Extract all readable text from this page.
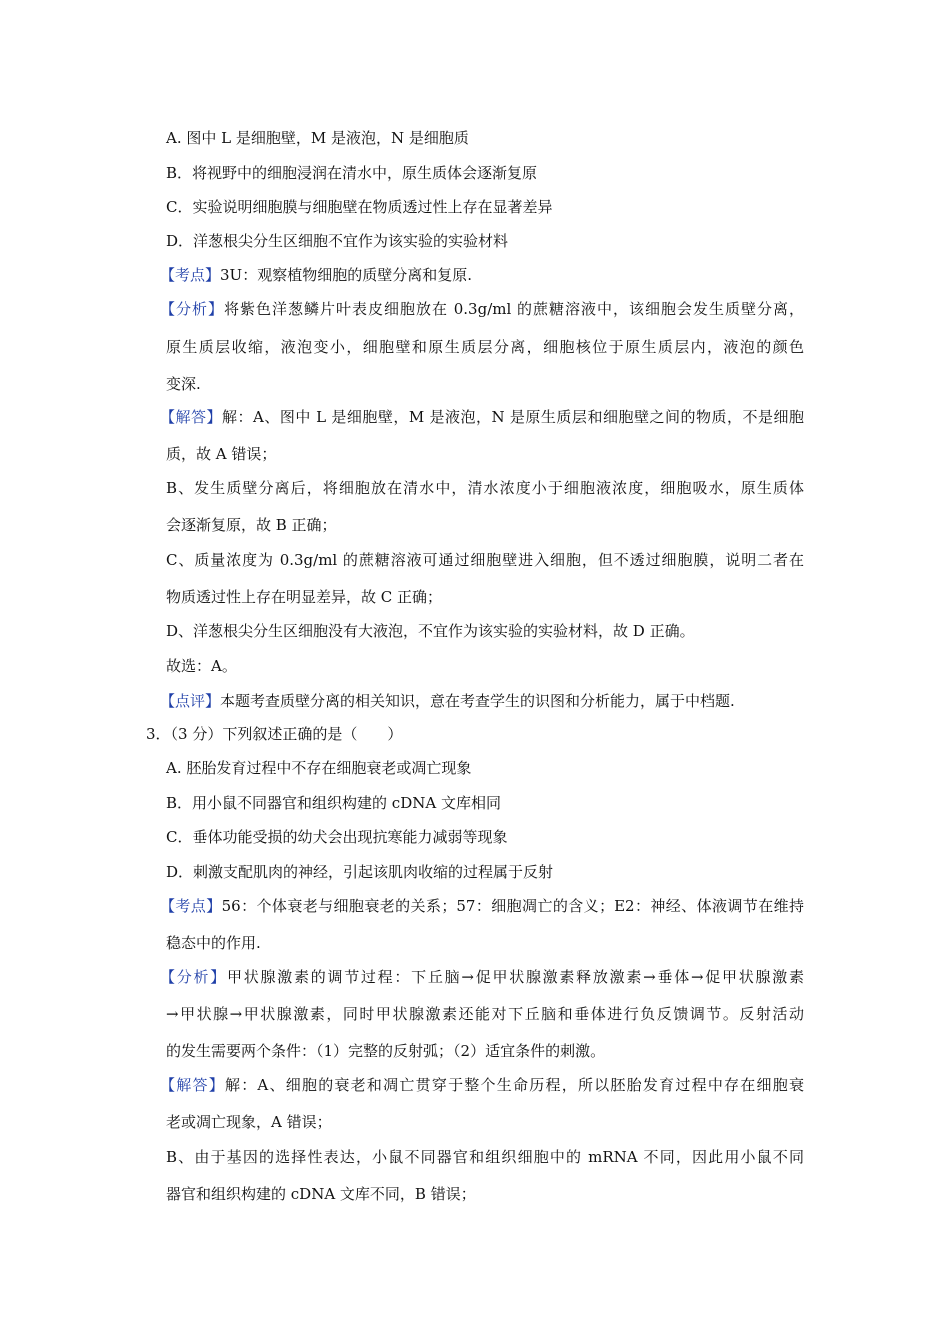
A. 图中 L 是细胞壁，M 是液泡，N 是细胞质
B．将视野中的细胞浸润在清水中，原生质体会逐渐复原
C．实验说明细胞膜与细胞壁在物质透过性上存在显著差异
D．洋葱根尖分生区细胞不宜作为该实验的实验材料
【考点】3U：观察植物细胞的质壁分离和复原.
【分析】将紫色洋葱鳞片叶表皮细胞放在 0.3g/ml 的蔗糖溶液中，该细胞会发生质壁分离，
原生质层收缩，液泡变小，细胞壁和原生质层分离，细胞核位于原生质层内，液泡的颜色
变深.
【解答】解：A、图中 L 是细胞壁，M 是液泡，N 是原生质层和细胞壁之间的物质，不是细胞
质，故 A 错误；
B、发生质壁分离后，将细胞放在清水中，清水浓度小于细胞液浓度，细胞吸水，原生质体
会逐渐复原，故 B 正确；
C、质量浓度为 0.3g/ml 的蔗糖溶液可通过细胞壁进入细胞，但不透过细胞膜，说明二者在
物质透过性上存在明显差异，故 C 正确；
D、洋葱根尖分生区细胞没有大液泡，不宜作为该实验的实验材料，故 D 正确。
故选：A。
【点评】本题考查质壁分离的相关知识，意在考查学生的识图和分析能力，属于中档题.
3．（3 分）下列叙述正确的是（　　）
A. 胚胎发育过程中不存在细胞衰老或凋亡现象
B．用小鼠不同器官和组织构建的 cDNA 文库相同
C．垂体功能受损的幼犬会出现抗寒能力减弱等现象
D．刺激支配肌肉的神经，引起该肌肉收缩的过程属于反射
【考点】56：个体衰老与细胞衰老的关系；57：细胞凋亡的含义；E2：神经、体液调节在维持
稳态中的作用.
【分析】甲状腺激素的调节过程：下丘脑→促甲状腺激素释放激素→垂体→促甲状腺激素
→甲状腺→甲状腺激素，同时甲状腺激素还能对下丘脑和垂体进行负反馈调节。反射活动
的发生需要两个条件：（1）完整的反射弧；（2）适宜条件的刺激。
【解答】解：A、细胞的衰老和凋亡贯穿于整个生命历程，所以胚胎发育过程中存在细胞衰
老或凋亡现象，A 错误；
B、由于基因的选择性表达，小鼠不同器官和组织细胞中的 mRNA 不同，因此用小鼠不同
器官和组织构建的 cDNA 文库不同，B 错误；
